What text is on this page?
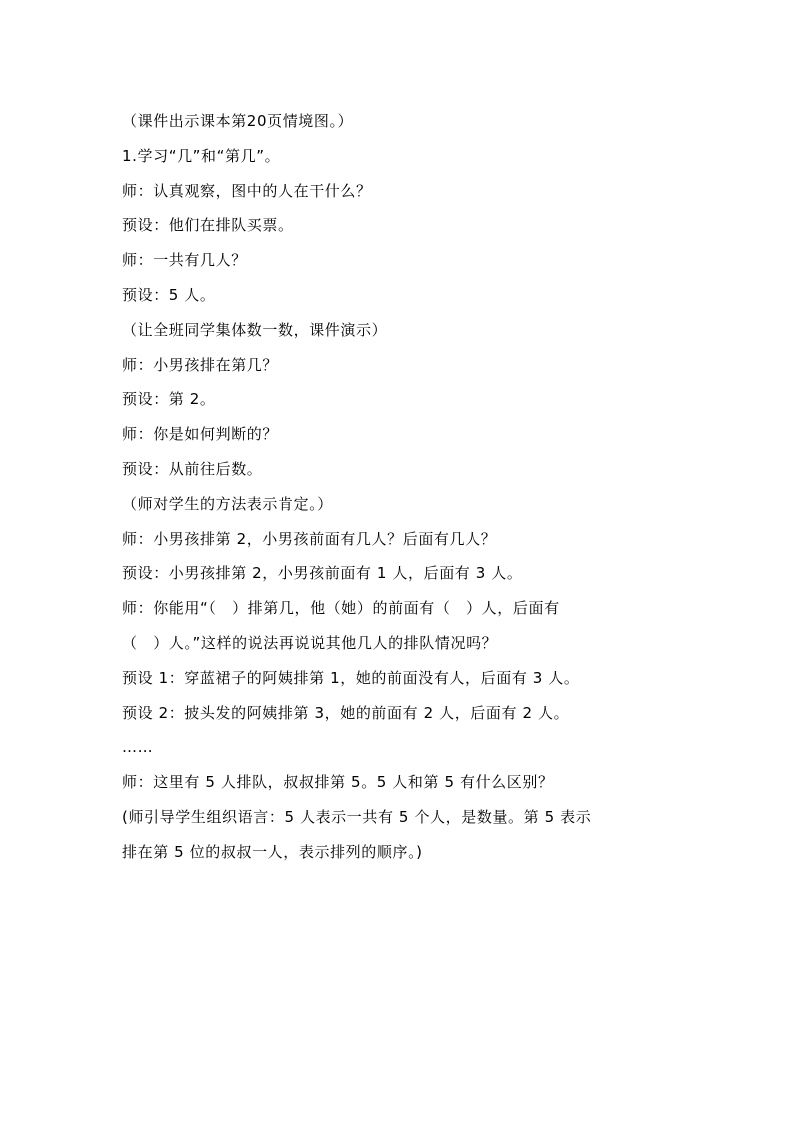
（课件出示课本第20页情境图。）
1.学习“几”和“第几”。
师：认真观察，图中的人在干什么？
预设：他们在排队买票。
师：一共有几人？
预设：5 人。
（让全班同学集体数一数，课件演示）
师：小男孩排在第几？
预设：第 2。
师：你是如何判断的？
预设：从前往后数。
（师对学生的方法表示肯定。）
师：小男孩排第 2，小男孩前面有几人？后面有几人？
预设：小男孩排第 2，小男孩前面有 1 人，后面有 3 人。
师：你能用“（　）排第几，他（她）的前面有（　）人，后面有
（　）人。”这样的说法再说说其他几人的排队情况吗？
预设 1：穿蓝裙子的阿姨排第 1，她的前面没有人，后面有 3 人。
预设 2：披头发的阿姨排第 3，她的前面有 2 人，后面有 2 人。
……
师：这里有 5 人排队，叔叔排第 5。5 人和第 5 有什么区别？
(师引导学生组织语言：5 人表示一共有 5 个人，是数量。第 5 表示
排在第 5 位的叔叔一人，表示排列的顺序。)
